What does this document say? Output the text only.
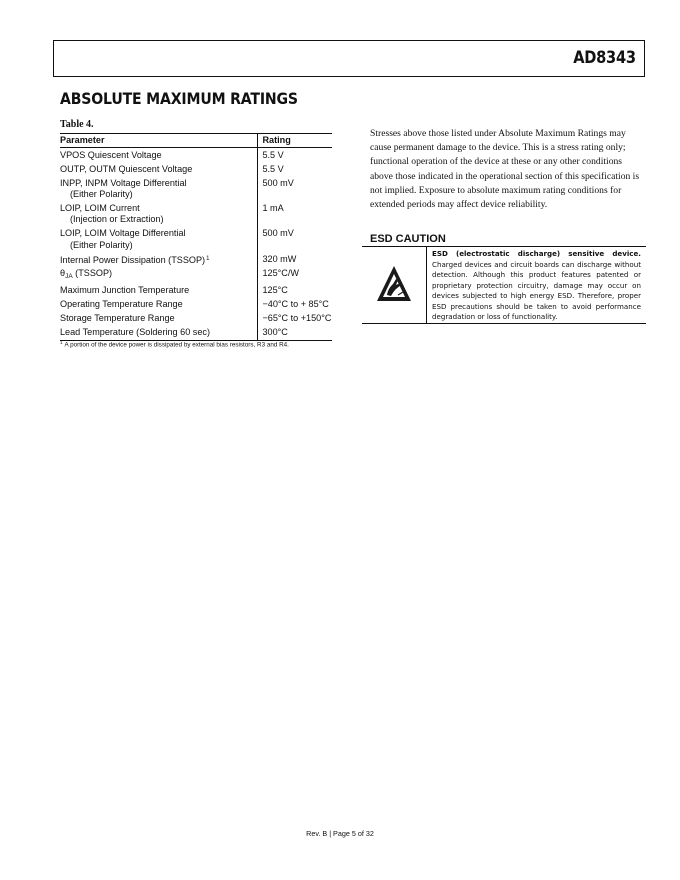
AD8343
ABSOLUTE MAXIMUM RATINGS
Table 4.
Parameter	Rating
VPOS Quiescent Voltage	5.5 V
OUTP, OUTM Quiescent Voltage	5.5 V
INPP, INPM Voltage Differential
(Either Polarity)	500 mV
LOIP, LOIM Current
(Injection or Extraction)	1 mA
LOIP, LOIM Voltage Differential
(Either Polarity)	500 mV
Internal Power Dissipation (TSSOP)$^1$	320 mW
$\theta_{JA}$ (TSSOP)	125°C/W
Maximum Junction Temperature	125°C
Operating Temperature Range	−40°C to + 85°C
Storage Temperature Range	−65°C to +150°C
Lead Temperature (Soldering 60 sec)	300°C
$^1$ A portion of the device power is dissipated by external bias resistors, R3 and R4.
Stresses above those listed under Absolute Maximum Ratings may cause permanent damage to the device. This is a stress rating only; functional operation of the device at these or any other conditions above those indicated in the operational section of this specification is not implied. Exposure to absolute maximum rating conditions for extended periods may affect device reliability.
ESD CAUTION
ESD (electrostatic discharge) sensitive device. Charged devices and circuit boards can discharge without detection. Although this product features patented or proprietary protection circuitry, damage may occur on devices subjected to high energy ESD. Therefore, proper ESD precautions should be taken to avoid performance degradation or loss of functionality.
Rev. B | Page 5 of 32
